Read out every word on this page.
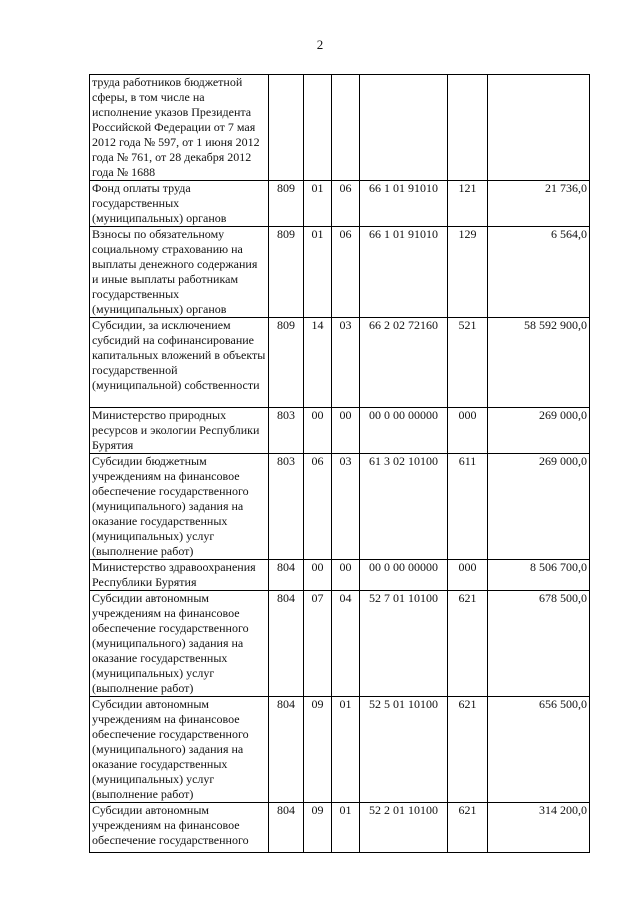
2
труда работников бюджетной сферы, в том числе на исполнение указов Президента Российской Федерации от 7 мая 2012 года № 597, от 1 июня 2012 года № 761, от 28 декабря 2012 года № 1688						
Фонд оплаты труда государственных (муниципальных) органов	809	01	06	66 1 01 91010	121	21 736,0
Взносы по обязательному социальному страхованию на выплаты денежного содержания и иные выплаты работникам государственных (муниципальных) органов	809	01	06	66 1 01 91010	129	6 564,0
Субсидии, за исключением субсидий на софинансирование капитальных вложений в объекты государственной (муниципальной) собственности	809	14	03	66 2 02 72160	521	58 592 900,0
Министерство природных ресурсов и экологии Республики Бурятия	803	00	00	00 0 00 00000	000	269 000,0
Субсидии бюджетным учреждениям на финансовое обеспечение государственного (муниципального) задания на оказание государственных (муниципальных) услуг (выполнение работ)	803	06	03	61 3 02 10100	611	269 000,0
Министерство здравоохранения Республики Бурятия	804	00	00	00 0 00 00000	000	8 506 700,0
Субсидии автономным учреждениям на финансовое обеспечение государственного (муниципального) задания на оказание государственных (муниципальных) услуг (выполнение работ)	804	07	04	52 7 01 10100	621	678 500,0
Субсидии автономным учреждениям на финансовое обеспечение государственного (муниципального) задания на оказание государственных (муниципальных) услуг (выполнение работ)	804	09	01	52 5 01 10100	621	656 500,0
Субсидии автономным учреждениям на финансовое обеспечение государственного	804	09	01	52 2 01 10100	621	314 200,0
